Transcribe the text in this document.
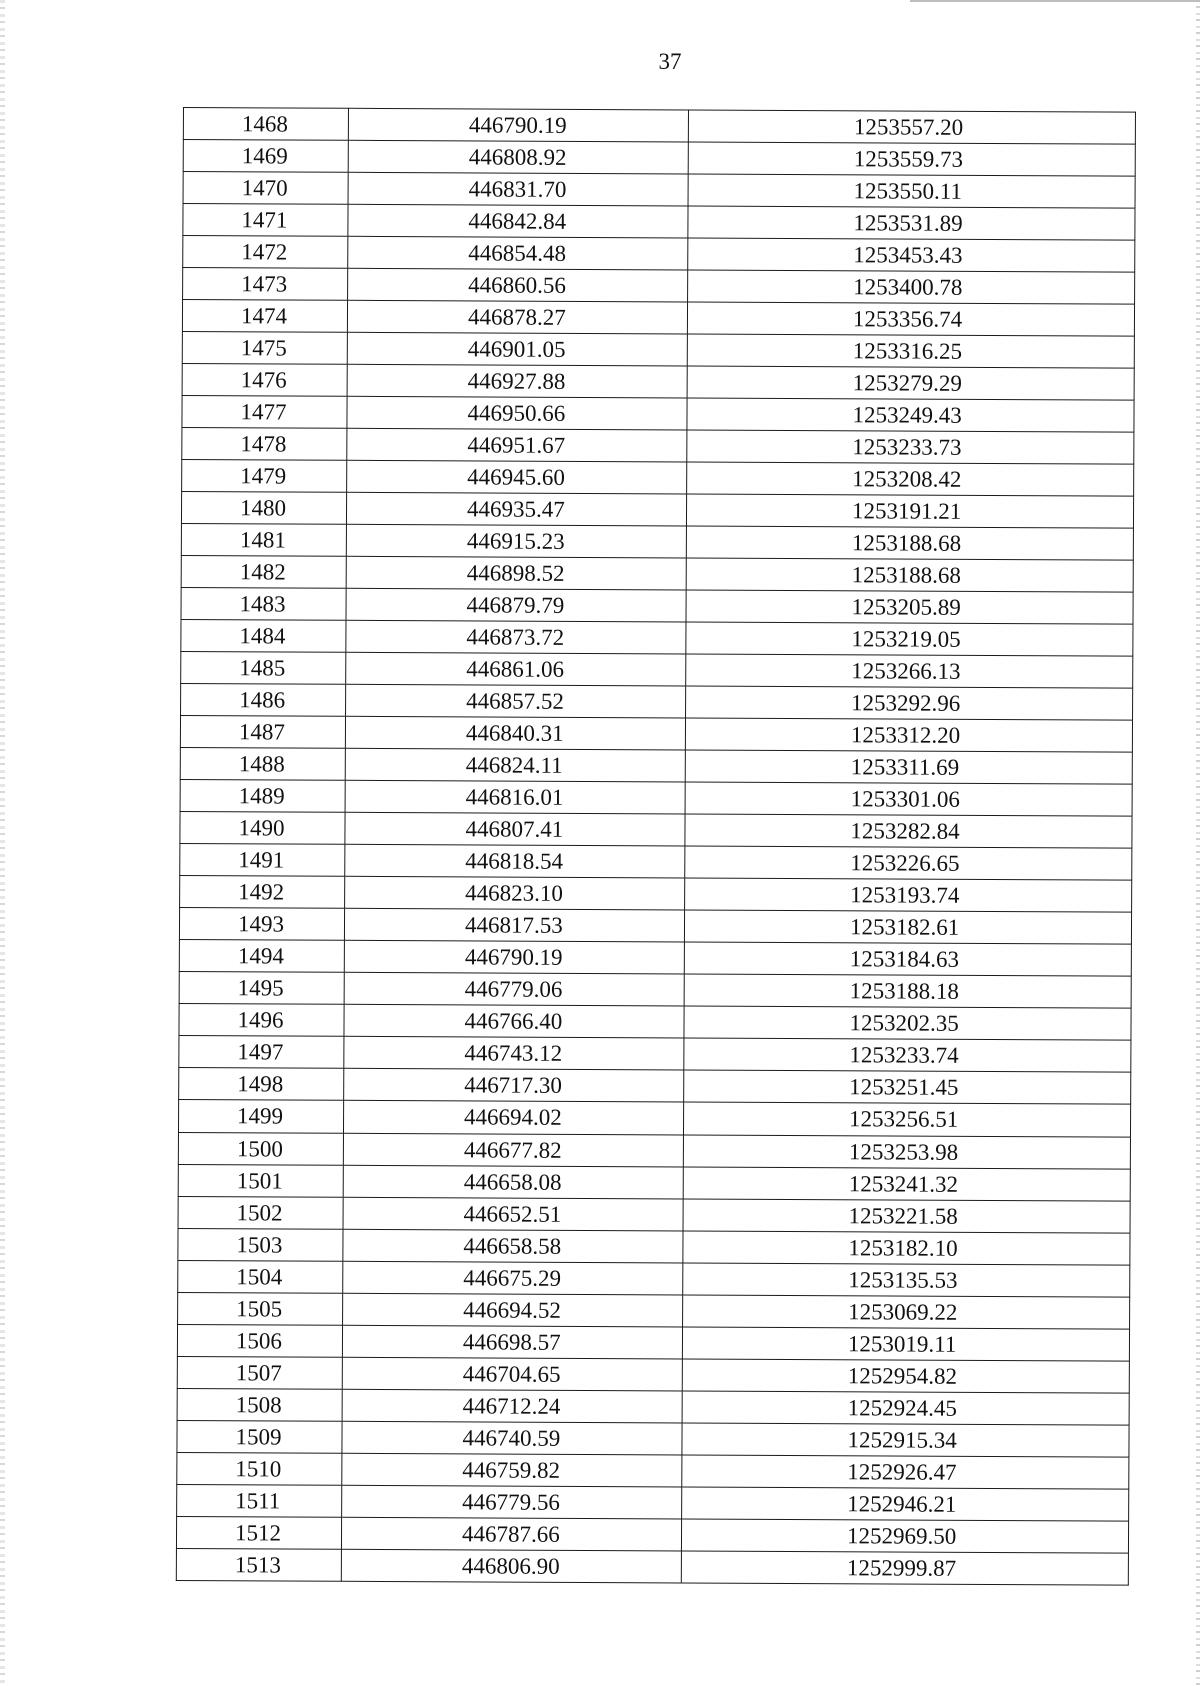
37
1468	446790.19	1253557.20
1469	446808.92	1253559.73
1470	446831.70	1253550.11
1471	446842.84	1253531.89
1472	446854.48	1253453.43
1473	446860.56	1253400.78
1474	446878.27	1253356.74
1475	446901.05	1253316.25
1476	446927.88	1253279.29
1477	446950.66	1253249.43
1478	446951.67	1253233.73
1479	446945.60	1253208.42
1480	446935.47	1253191.21
1481	446915.23	1253188.68
1482	446898.52	1253188.68
1483	446879.79	1253205.89
1484	446873.72	1253219.05
1485	446861.06	1253266.13
1486	446857.52	1253292.96
1487	446840.31	1253312.20
1488	446824.11	1253311.69
1489	446816.01	1253301.06
1490	446807.41	1253282.84
1491	446818.54	1253226.65
1492	446823.10	1253193.74
1493	446817.53	1253182.61
1494	446790.19	1253184.63
1495	446779.06	1253188.18
1496	446766.40	1253202.35
1497	446743.12	1253233.74
1498	446717.30	1253251.45
1499	446694.02	1253256.51
1500	446677.82	1253253.98
1501	446658.08	1253241.32
1502	446652.51	1253221.58
1503	446658.58	1253182.10
1504	446675.29	1253135.53
1505	446694.52	1253069.22
1506	446698.57	1253019.11
1507	446704.65	1252954.82
1508	446712.24	1252924.45
1509	446740.59	1252915.34
1510	446759.82	1252926.47
1511	446779.56	1252946.21
1512	446787.66	1252969.50
1513	446806.90	1252999.87
